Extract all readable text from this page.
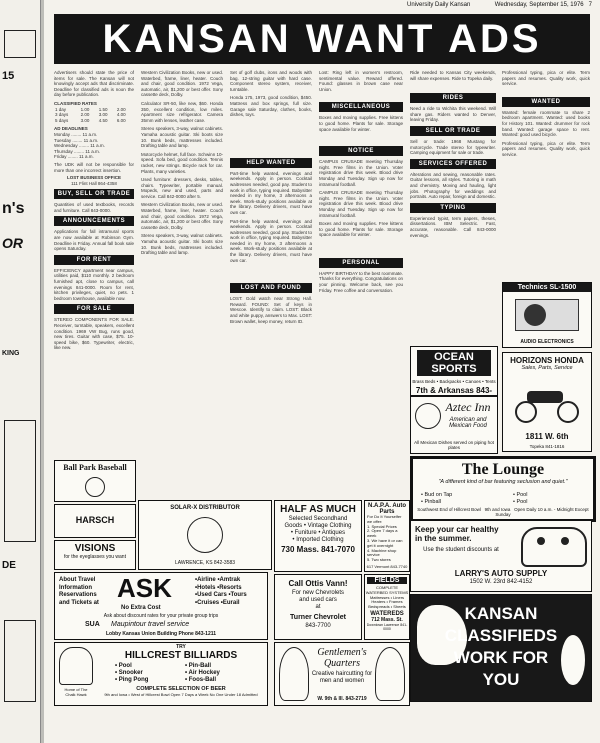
15
n's
OR
KING
DE
University Daily Kansan	Wednesday, September 15, 1976 7
KANSAN WANT ADS
Advertisers should state the price of items for sale. The Kansan will not knowingly accept ads that discriminate. Deadline for classified ads is noon the day before publication.
CLASSIFIED RATES
1 day	1.00	1.50	2.00
3 days	2.00	3.00	4.00
5 days	3.00	4.50	6.00
AD DEADLINES
Monday ........ 11 a.m.
Tuesday ........ 11 a.m.
Wednesday ........ 11 a.m.
Thursday ........ 11 a.m.
Friday ........ 11 a.m.
The UDK will not be responsible for more than one incorrect insertion.
LOST BUSINESS OFFICE
111 Flint Hall 864-4358
BUY, SELL OR TRADE
Quantities of used textbooks, records and furniture. Call 843-0000.
ANNOUNCEMENTS
Applications for fall intramural sports are now available at Robinson Gym. Deadline is Friday. Annual fall book sale opens Saturday.
FOR RENT
EFFICIENCY apartment near campus, utilities paid, $110 monthly. 2 bedroom furnished apt, close to campus, call evenings 841-0000. Room for rent, kitchen privileges, quiet, no pets. 1 bedroom townhouse, available now.
FOR SALE
STEREO COMPONENTS FOR SALE. Receiver, turntable, speakers, excellent condition. 1969 VW Bug, runs good, new tires. Guitar with case, $75. 10-speed bike, $60. Typewriter, electric, like new.
Western Civilization Books, new or used. Waterbed, frame, liner, heater. Couch and chair, good condition. 1972 Vega, automatic, air, $1,200 or best offer. Sony cassette deck, Dolby.
Calculator SR-50, like new, $60. Honda 350, excellent condition, low miles. Apartment size refrigerator. Camera 35mm with lenses, leather case.
Stereo speakers, 3-way, walnut cabinets. Yamaha acoustic guitar. Ski boots size 10. Bunk beds, mattresses included. Drafting table and lamp.
Motorcycle helmet, full face. Schwinn 10-speed. Sofa bed, good condition. Tennis racket, new strings. Bicycle rack for car. Plants, many varieties.
Used furniture: dressers, desks, tables, chairs. Typewriter, portable manual. Mopeds, new and used, parts and service. Call 842-0000 after 5.
Western Civilization Books, new or used. Waterbed, frame, liner, heater. Couch and chair, good condition. 1972 Vega, automatic, air, $1,200 or best offer. Sony cassette deck, Dolby.
Stereo speakers, 3-way, walnut cabinets. Yamaha acoustic guitar. Ski boots size 10. Bunk beds, mattresses included. Drafting table and lamp.
Set of golf clubs, irons and woods with bag. 12-string guitar with hard case. Component stereo system, receiver, turntable.
Honda 175, 1973, good condition, $450. Mattress and box springs, full size. Garage sale Saturday, clothes, books, dishes, toys.
HELP WANTED
Part-time help wanted, evenings and weekends. Apply in person. Cocktail waitresses needed, good pay. Student to work in office, typing required. Babysitter needed in my home, 3 afternoons a week. Work-study positions available at the library. Delivery drivers, must have own car.
Part-time help wanted, evenings and weekends. Apply in person. Cocktail waitresses needed, good pay. Student to work in office, typing required. Babysitter needed in my home, 3 afternoons a week. Work-study positions available at the library. Delivery drivers, must have own car.
LOST AND FOUND
LOST: Gold watch near Strong Hall. Reward. FOUND: Set of keys in Wescoe. Identify to claim. LOST: Black and white puppy, answers to Max. LOST: Brown wallet, keep money, return ID.
Lost: Ring left in women's restroom, sentimental value. Reward offered. Found: glasses in brown case near Union.
MISCELLANEOUS
Boxes and moving supplies. Free kittens to good home. Plants for sale. Storage space available for winter.
NOTICE
CAMPUS CRUSADE meeting Thursday night. Free films in the Union. Voter registration drive this week. Blood drive Monday and Tuesday. Sign up now for intramural football.
CAMPUS CRUSADE meeting Thursday night. Free films in the Union. Voter registration drive this week. Blood drive Monday and Tuesday. Sign up now for intramural football.
Boxes and moving supplies. Free kittens to good home. Plants for sale. Storage space available for winter.
PERSONAL
HAPPY BIRTHDAY to the best roommate. Thanks for everything. Congratulations on your pinning. Welcome back, see you Friday. Free coffee and conversation.
Ride needed to Kansas City weekends, will share expenses. Ride to Topeka daily.
RIDES
Need a ride to Wichita this weekend. Will share gas. Riders wanted to Denver, leaving Friday.
SELL OR TRADE
Sell or trade: 1968 Mustang for motorcycle. Trade stereo for typewriter. Camping equipment for sale or trade.
SERVICES OFFERED
Alterations and sewing, reasonable rates. Guitar lessons, all styles. Tutoring in math and chemistry. Moving and hauling, light jobs. Photography for weddings and portraits. Auto repair, foreign and domestic.
TYPING
Experienced typist, term papers, theses, dissertations. IBM Selectric. Fast, accurate, reasonable. Call 843-0000 evenings.
Professional typing, pica or elite. Term papers and resumes. Quality work, quick service.
WANTED
Wanted: female roommate to share 2 bedroom apartment. Wanted: used books for History 101. Wanted: drummer for rock band. Wanted: garage space to rent. Wanted: good used bicycle.
Professional typing, pica or elite. Term papers and resumes. Quality work, quick service.
Technics SL-1500
AUDIO ELECTRONICS
OCEAN SPORTS
Brass Beds • Backpacks • Canoes • Tents
7th & Arkansas 843-
HORIZONS HONDA
Sales, Parts, Service
1811 W. 6th
Topeka 841-1816
Aztec Inn
American and Mexican Food
All Mexican Dishes served on piping hot plates
The Lounge
"A different kind of bar featuring seclusion and quiet."
• Bud on Tap
• Pinball
• Pool
• Pool
Southwest End of Hillcrest Bowl 9th and Iowa Open Daily 10 a.m. - Midnight Except Sunday
Keep your car healthy
in the summer.
Use the student discounts at
LARRY'S AUTO SUPPLY
1502 W. 23rd 842-4152
KANSAN
CLASSIFIEDS
WORK FOR
YOU
Ball Park Baseball
HARSCH
VISIONS
for the eyeglasses you want
SOLAR-X DISTRIBUTOR
LAWRENCE, KS 842-3583
HALF AS MUCH
Selected Secondhand
Goods • Vintage Clothing
• Funiture • Antiques
• Imported Clothing
730 Mass. 841-7070
N.A.P.A. Auto Parts
For Do It Yourselfer we offer:
1. Special Prices
2. Open 7 days a week
3. We have it or can get it overnight
4. Machine shop service
5. Two stores
617 Vermont 843-7740
About Travel
Information
Reservations
and Tickets at ASK	•Airline •Amtrak
•Hotels •Resorts
•Used Cars •Tours
•Cruises •Eurail
No Extra Cost
Ask about discount rates for your private group trips
SUA Maupintour travel service
Lobby Kansas Union Building Phone 843-1211
Call Ottis Vann!
For new Chevrolets
and used cars
at
Turner Chevrolet
843-7700
FIELDS
COMPLETE WATERBED SYSTEMS
Mattresses • Liners
Heaters • Frames
Bedspreads • Sheets
WATEREDS
712 Mass. St.
Downtown Lawrence 841-0000
Home of The Chalk Hawk
TRY
HILLCREST BILLIARDS
• Pool
• Snooker
• Ping Pong
• Pin-Ball
• Air Hockey
• Foos-Ball
COMPLETE SELECTION OF BEER
9th and Iowa • West of Hillcrest Bowl Open 7 Days a Week No One Under 18 Admitted
Gentlemen's Quarters
Creative haircutting for men and women
W. 9th & Ill. 843-2719
